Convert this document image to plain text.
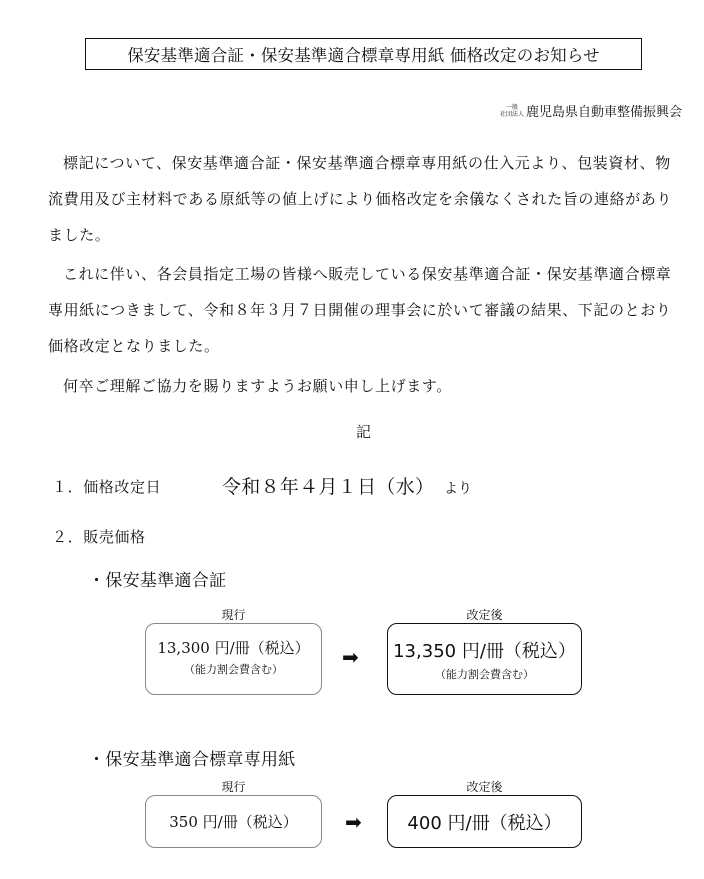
保安基準適合証・保安基準適合標章専用紙 価格改定のお知らせ
一般
社団法人 鹿児島県自動車整備振興会

標記について、保安基準適合証・保安基準適合標章専用紙の仕入元より、包装資材、物流費用及び主材料である原紙等の値上げにより価格改定を余儀なくされた旨の連絡がありました。

これに伴い、各会員指定工場の皆様へ販売している保安基準適合証・保安基準適合標章専用紙につきまして、令和８年３月７日開催の理事会に於いて審議の結果、下記のとおり価格改定となりました。

何卒ご理解ご協力を賜りますようお願い申し上げます。

記
１．価格改定日	令和８年４月１日（水） より
２．販売価格
・保安基準適合証
現行
13,300 円/冊（税込）
（能力割会費含む）
➡
改定後
13,350 円/冊（税込）
（能力割会費含む）
・保安基準適合標章専用紙
現行
350 円/冊（税込）	➡
改定後
400 円/冊（税込）
